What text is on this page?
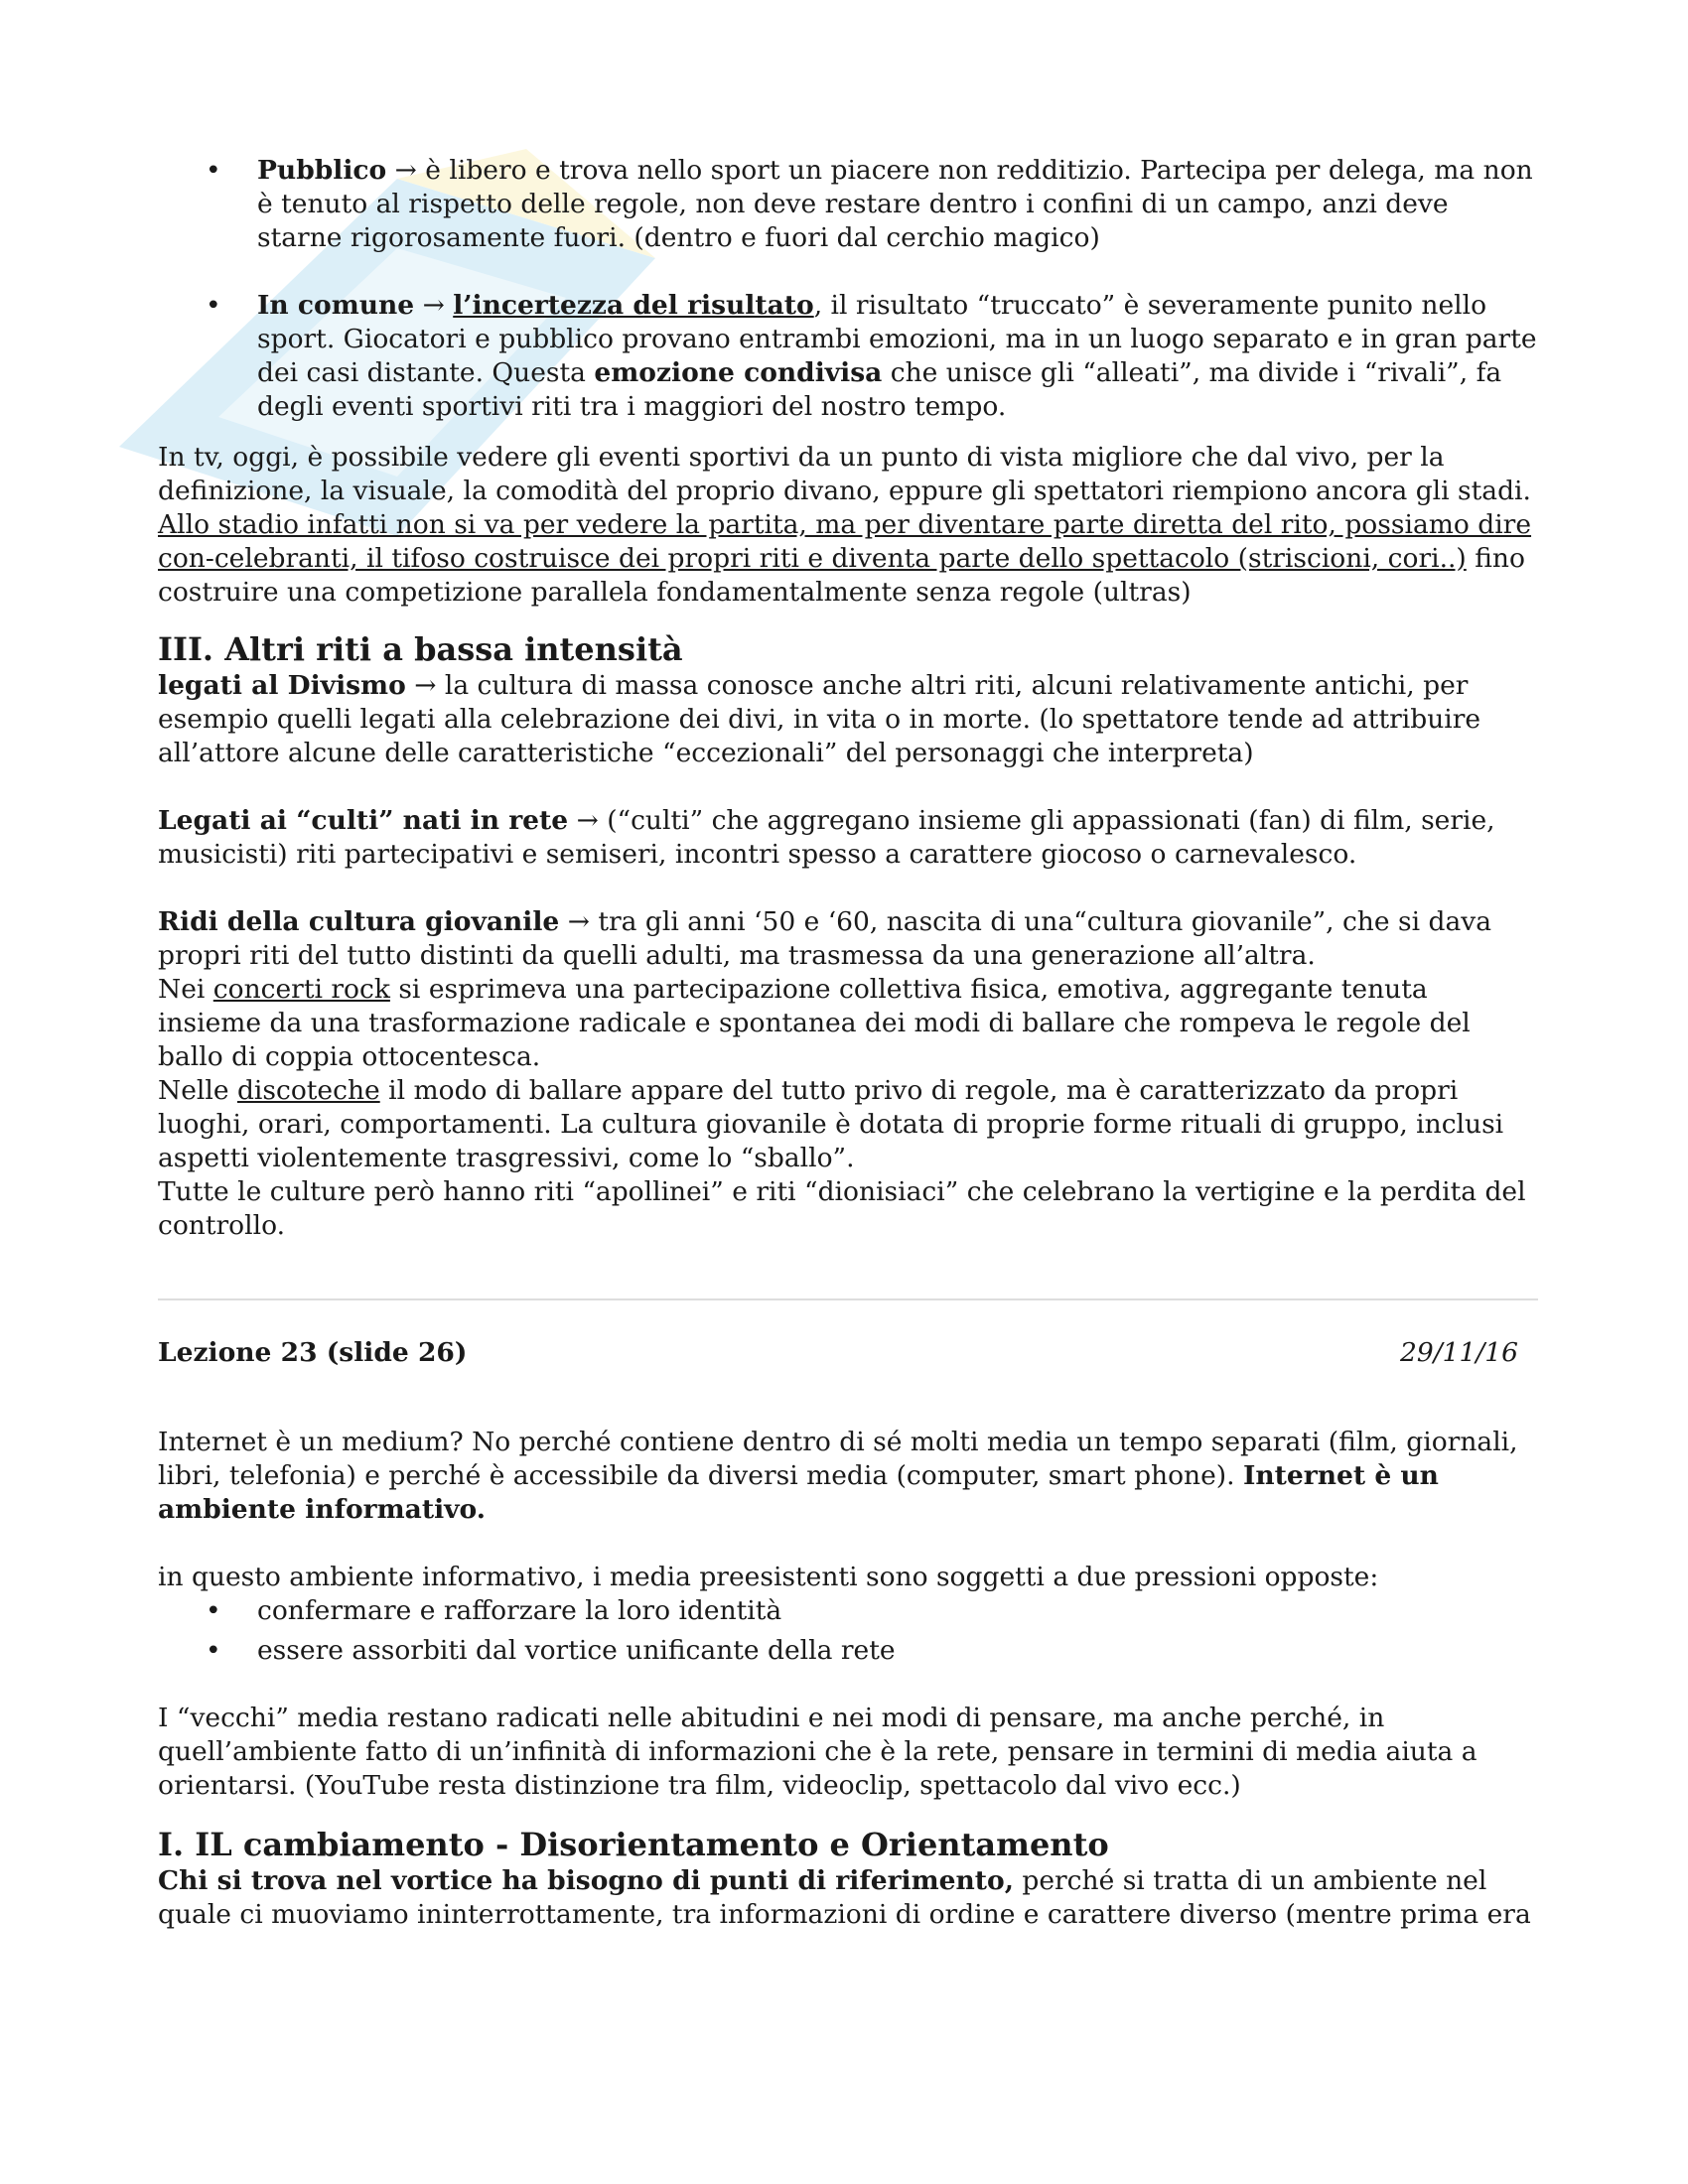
• Pubblico → è libero e trova nello sport un piacere non redditizio. Partecipa per delega, ma non è tenuto al rispetto delle regole, non deve restare dentro i confini di un campo, anzi deve starne rigorosamente fuori. (dentro e fuori dal cerchio magico)
• In comune → l’incertezza del risultato, il risultato “truccato” è severamente punito nello sport. Giocatori e pubblico provano entrambi emozioni, ma in un luogo separato e in gran parte dei casi distante. Questa emozione condivisa che unisce gli “alleati”, ma divide i “rivali”, fa degli eventi sportivi riti tra i maggiori del nostro tempo.

In tv, oggi, è possibile vedere gli eventi sportivi da un punto di vista migliore che dal vivo, per la definizione, la visuale, la comodità del proprio divano, eppure gli spettatori riempiono ancora gli stadi. Allo stadio infatti non si va per vedere la partita, ma per diventare parte diretta del rito, possiamo dire con-celebranti, il tifoso costruisce dei propri riti e diventa parte dello spettacolo (striscioni, cori..) fino costruire una competizione parallela fondamentalmente senza regole (ultras)

III. Altri riti a bassa intensità

legati al Divismo → la cultura di massa conosce anche altri riti, alcuni relativamente antichi, per esempio quelli legati alla celebrazione dei divi, in vita o in morte. (lo spettatore tende ad attribuire all’attore alcune delle caratteristiche “eccezionali” del personaggi che interpreta)

Legati ai “culti” nati in rete → (“culti” che aggregano insieme gli appassionati (fan) di film, serie, musicisti) riti partecipativi e semiseri, incontri spesso a carattere giocoso o carnevalesco.

Ridi della cultura giovanile → tra gli anni ‘50 e ‘60, nascita di una“cultura giovanile”, che si dava propri riti del tutto distinti da quelli adulti, ma trasmessa da una generazione all’altra.

Nei concerti rock si esprimeva una partecipazione collettiva fisica, emotiva, aggregante tenuta insieme da una trasformazione radicale e spontanea dei modi di ballare che rompeva le regole del ballo di coppia ottocentesca.

Nelle discoteche il modo di ballare appare del tutto privo di regole, ma è caratterizzato da propri luoghi, orari, comportamenti. La cultura giovanile è dotata di proprie forme rituali di gruppo, inclusi aspetti violentemente trasgressivi, come lo “sballo”.

Tutte le culture però hanno riti “apollinei” e riti “dionisiaci” che celebrano la vertigine e la perdita del controllo.

Lezione 23 (slide 26)	29/11/16

Internet è un medium? No perché contiene dentro di sé molti media un tempo separati (film, giornali, libri, telefonia) e perché è accessibile da diversi media (computer, smart phone). Internet è un ambiente informativo.

in questo ambiente informativo, i media preesistenti sono soggetti a due pressioni opposte:

• confermare e rafforzare la loro identità
• essere assorbiti dal vortice unificante della rete

I “vecchi” media restano radicati nelle abitudini e nei modi di pensare, ma anche perché, in quell’ambiente fatto di un’infinità di informazioni che è la rete, pensare in termini di media aiuta a orientarsi. (YouTube resta distinzione tra film, videoclip, spettacolo dal vivo ecc.)

I. IL cambiamento - Disorientamento e Orientamento

Chi si trova nel vortice ha bisogno di punti di riferimento, perché si tratta di un ambiente nel quale ci muoviamo ininterrottamente, tra informazioni di ordine e carattere diverso (mentre prima era
